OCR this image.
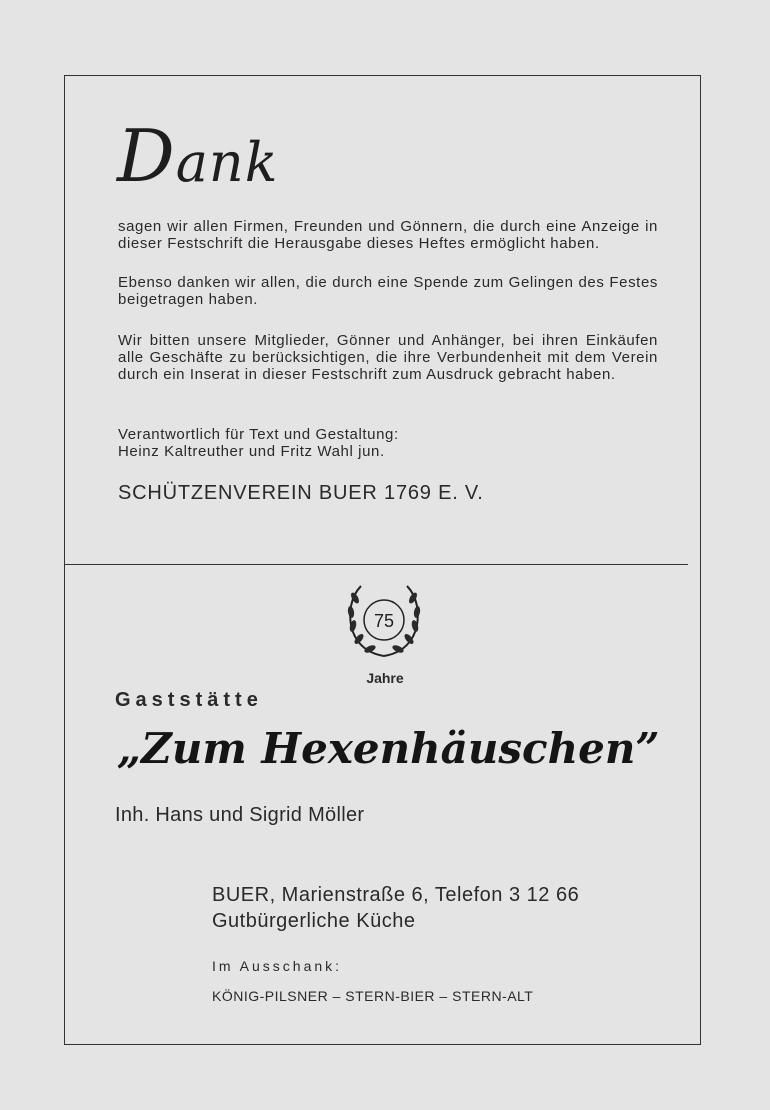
Dank

sagen wir allen Firmen, Freunden und Gönnern, die durch eine Anzeige in dieser Festschrift die Herausgabe dieses Heftes ermöglicht haben.

Ebenso danken wir allen, die durch eine Spende zum Gelingen des Festes beigetragen haben.

Wir bitten unsere Mitglieder, Gönner und Anhänger, bei ihren Einkäufen alle Geschäfte zu berücksichtigen, die ihre Verbundenheit mit dem Verein durch ein Inserat in dieser Festschrift zum Ausdruck gebracht haben.

Verantwortlich für Text und Gestaltung:
Heinz Kaltreuther und Fritz Wahl jun.

SCHÜTZENVEREIN BUER 1769 E. V.
75
Jahre
Gaststätte
„Zum Hexenhäuschen”
Inh. Hans und Sigrid Möller
BUER, Marienstraße 6, Telefon 3 12 66
Gutbürgerliche Küche
Im Ausschank:
KÖNIG-PILSNER – STERN-BIER – STERN-ALT
